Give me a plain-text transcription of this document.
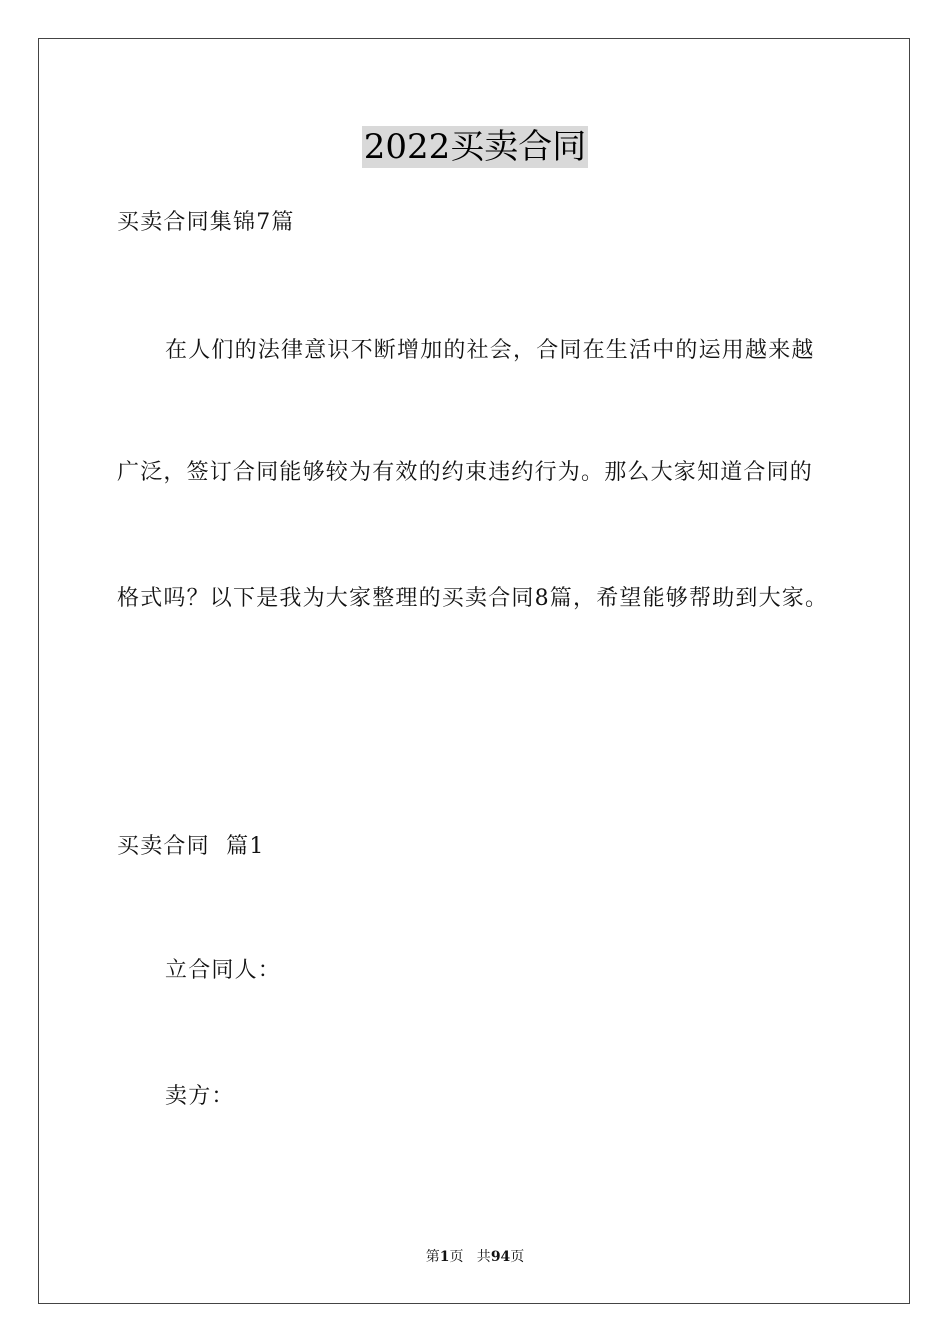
2022买卖合同
买卖合同集锦7篇
在人们的法律意识不断增加的社会，合同在生活中的运用越来越
广泛，签订合同能够较为有效的约束违约行为。那么大家知道合同的
格式吗？以下是我为大家整理的买卖合同8篇，希望能够帮助到大家。
买卖合同  篇1
立合同人：
卖方：
第1页   共94页
